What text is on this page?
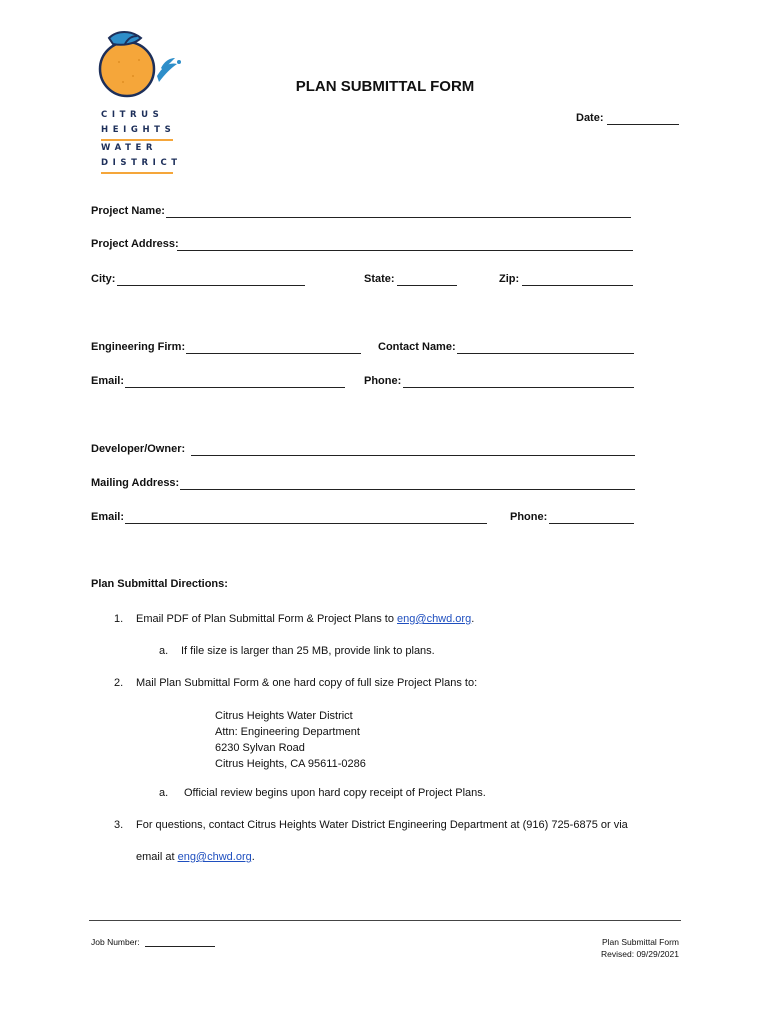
CITRUS
HEIGHTS
WATER
DISTRICT
PLAN SUBMITTAL FORM
Date:
Project Name:
Project Address:
City:	State:	Zip:
Engineering Firm:	Contact Name:
Email:	Phone:
Developer/Owner:
Mailing Address:
Email:	Phone:
Plan Submittal Directions:
1. Email PDF of Plan Submittal Form & Project Plans to eng@chwd.org.
a. If file size is larger than 25 MB, provide link to plans.
2. Mail Plan Submittal Form & one hard copy of full size Project Plans to:
Citrus Heights Water District
Attn: Engineering Department
6230 Sylvan Road
Citrus Heights, CA 95611-0286
a. Official review begins upon hard copy receipt of Project Plans.
3. For questions, contact Citrus Heights Water District Engineering Department at (916) 725-6875 or via
email at eng@chwd.org.
Job Number:	Plan Submittal Form
Revised: 09/29/2021
